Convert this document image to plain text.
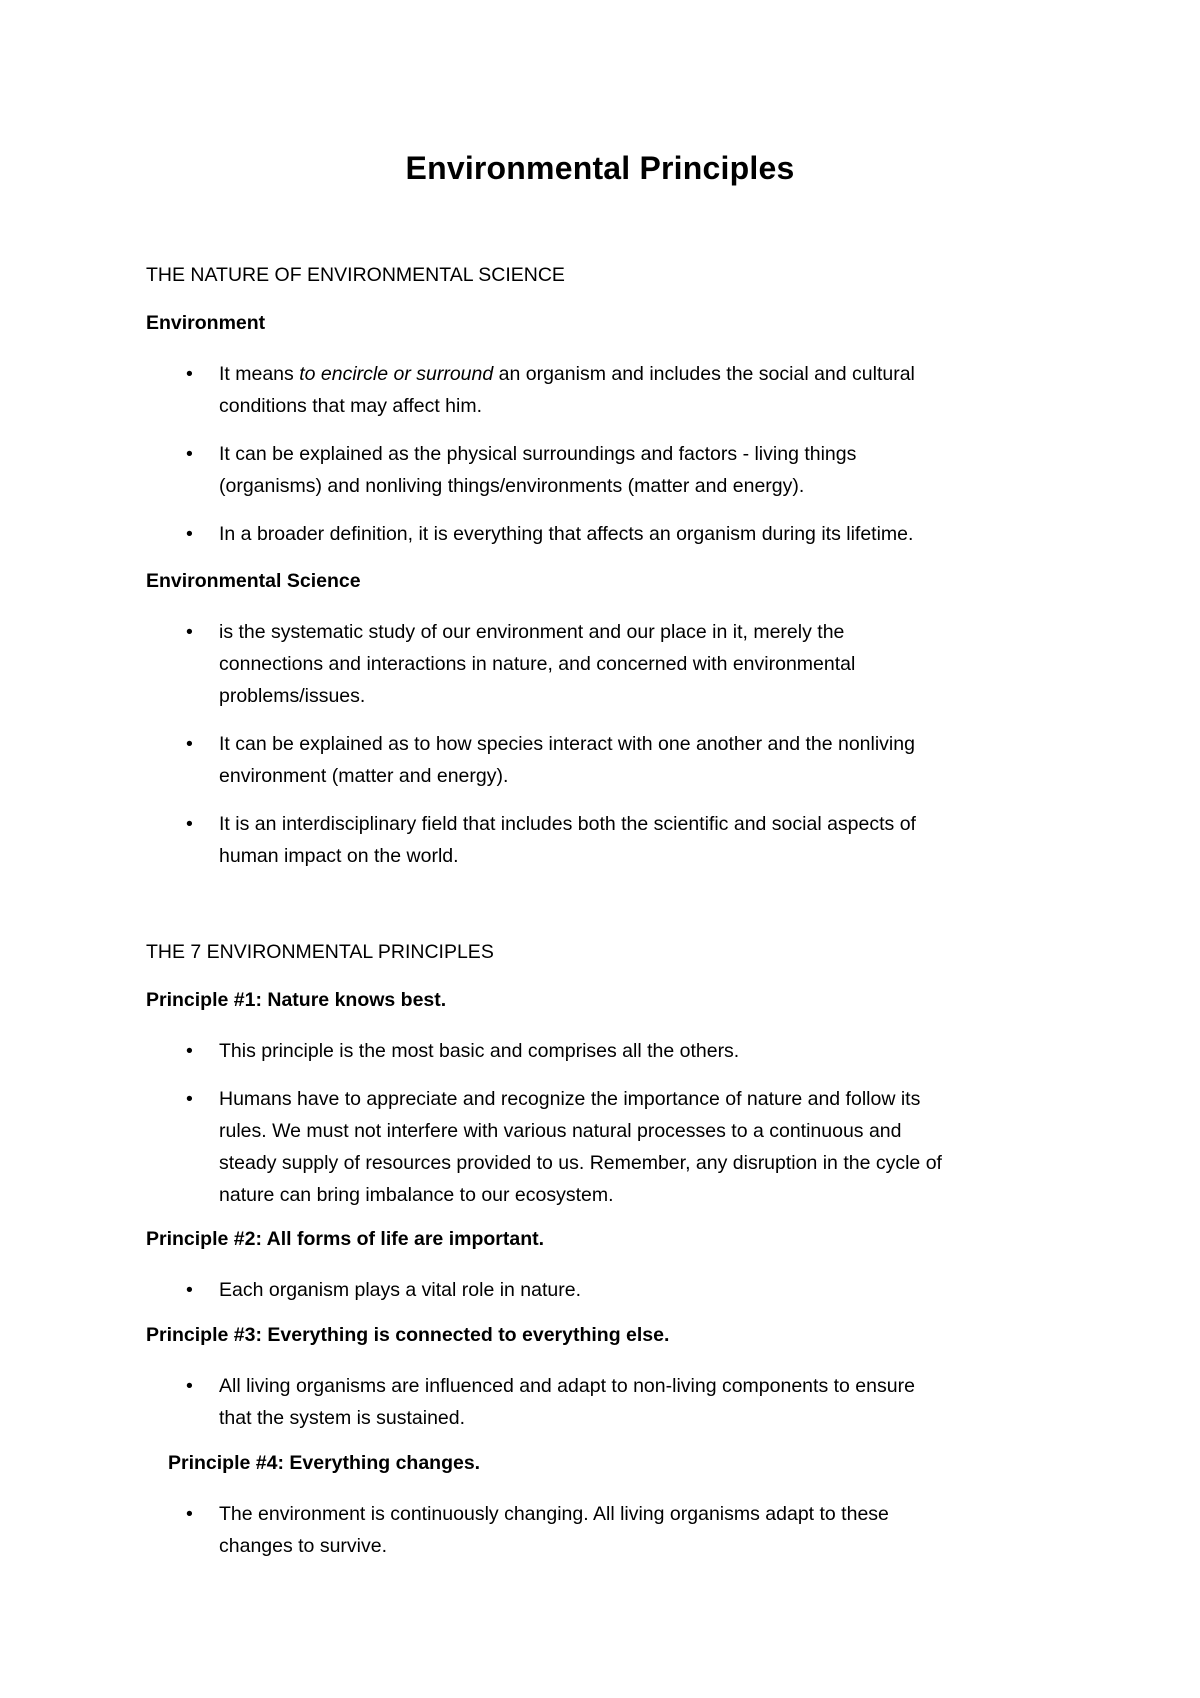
Environmental Principles
THE NATURE OF ENVIRONMENTAL SCIENCE
Environment
• It means to encircle or surround an organism and includes the social and cultural
conditions that may affect him.
• It can be explained as the physical surroundings and factors - living things
(organisms) and nonliving things/environments (matter and energy).
• In a broader definition, it is everything that affects an organism during its lifetime.
Environmental Science
• is the systematic study of our environment and our place in it, merely the
connections and interactions in nature, and concerned with environmental
problems/issues.
• It can be explained as to how species interact with one another and the nonliving
environment (matter and energy).
• It is an interdisciplinary field that includes both the scientific and social aspects of
human impact on the world.
THE 7 ENVIRONMENTAL PRINCIPLES
Principle #1: Nature knows best.
• This principle is the most basic and comprises all the others.
• Humans have to appreciate and recognize the importance of nature and follow its
rules. We must not interfere with various natural processes to a continuous and
steady supply of resources provided to us. Remember, any disruption in the cycle of
nature can bring imbalance to our ecosystem.
Principle #2: All forms of life are important.
• Each organism plays a vital role in nature.
Principle #3: Everything is connected to everything else.
• All living organisms are influenced and adapt to non-living components to ensure
that the system is sustained.
Principle #4: Everything changes.
• The environment is continuously changing. All living organisms adapt to these
changes to survive.
